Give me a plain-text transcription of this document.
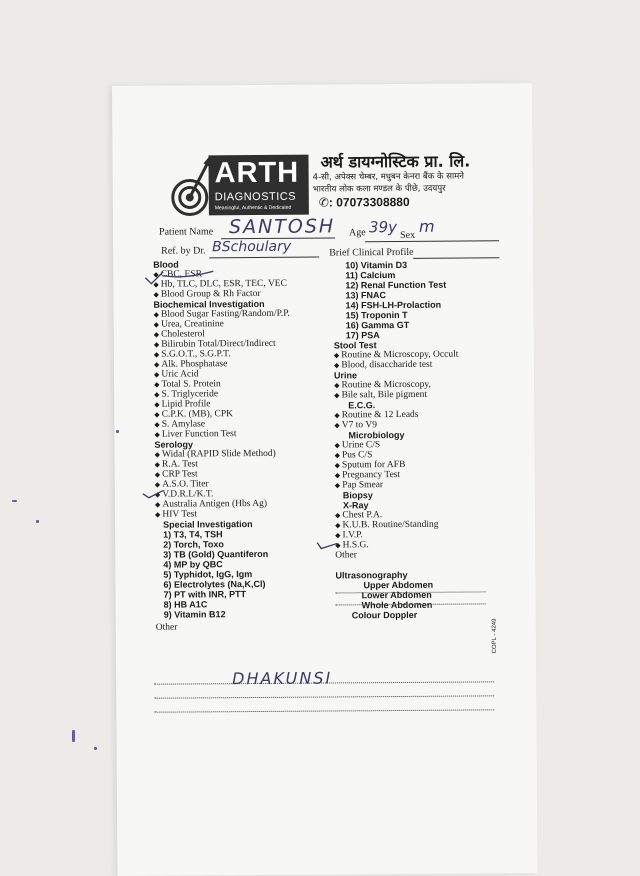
ARTH
DIAGNOSTICS
Meaningful, Authentic & Dedicated
अर्थ डायग्नोस्टिक प्रा. लि.
4-सी, अपेक्स चेम्बर, मधुबन केनरा बैंक के सामने
भारतीय लोक कला मण्डल के पीछे, उदयपुर
✆: 07073308880
Patient Name SANTOSH Age 39y Sex m
Ref. by Dr. BSchoulary	Brief Clinical Profile
Blood
◆ CBC, ESR
◆ Hb, TLC, DLC, ESR, TEC, VEC
◆ Blood Group & Rh Factor
Biochemical Investigation
◆ Blood Sugar Fasting/Random/P.P.
◆ Urea, Creatinine
◆ Cholesterol
◆ Bilirubin Total/Direct/Indirect
◆ S.G.O.T., S.G.P.T.
◆ Alk. Phosphatase
◆ Uric Acid
◆ Total S. Protein
◆ S. Triglyceride
◆ Lipid Profile
◆ C.P.K. (MB), CPK
◆ S. Amylase
◆ Liver Function Test
Serology
◆ Widal (RAPID Slide Method)
◆ R.A. Test
◆ CRP Test
◆ A.S.O. Titer
◆ V.D.R.L/K.T.
◆ Australia Antigen (Hbs Ag)
◆ HIV Test
Special Investigation
1) T3, T4, TSH
2) Torch, Toxo
3) TB (Gold) Quantiferon
4) MP by QBC
5) Typhidot, IgG, Igm
6) Electrolytes (Na,K,Cl)
7) PT with INR, PTT
8) HB A1C
9) Vitamin B12
Other
DHAKUNSI
10) Vitamin D3
11) Calcium
12) Renal Function Test
13) FNAC
14) FSH-LH-Prolaction
15) Troponin T
16) Gamma GT
17) PSA
Stool Test
◆ Routine & Microscopy, Occult
◆ Blood, disaccharide test
Urine
◆ Routine & Microscopy,
◆ Bile salt, Bile pigment
E.C.G.
◆ Routine & 12 Leads
◆ V7 to V9
Microbiology
◆ Urine C/S
◆ Pus C/S
◆ Sputum for AFB
◆ Pregnancy Test
◆ Pap Smear
Biopsy
X-Ray
◆ Chest P.A.
◆ K.U.B. Routine/Standing
◆ I.V.P.
◆ H.S.G.
Other
Ultrasonography
Upper Abdomen
Lower Abdomen
Whole Abdomen
Colour Doppler
COPL - 4249
